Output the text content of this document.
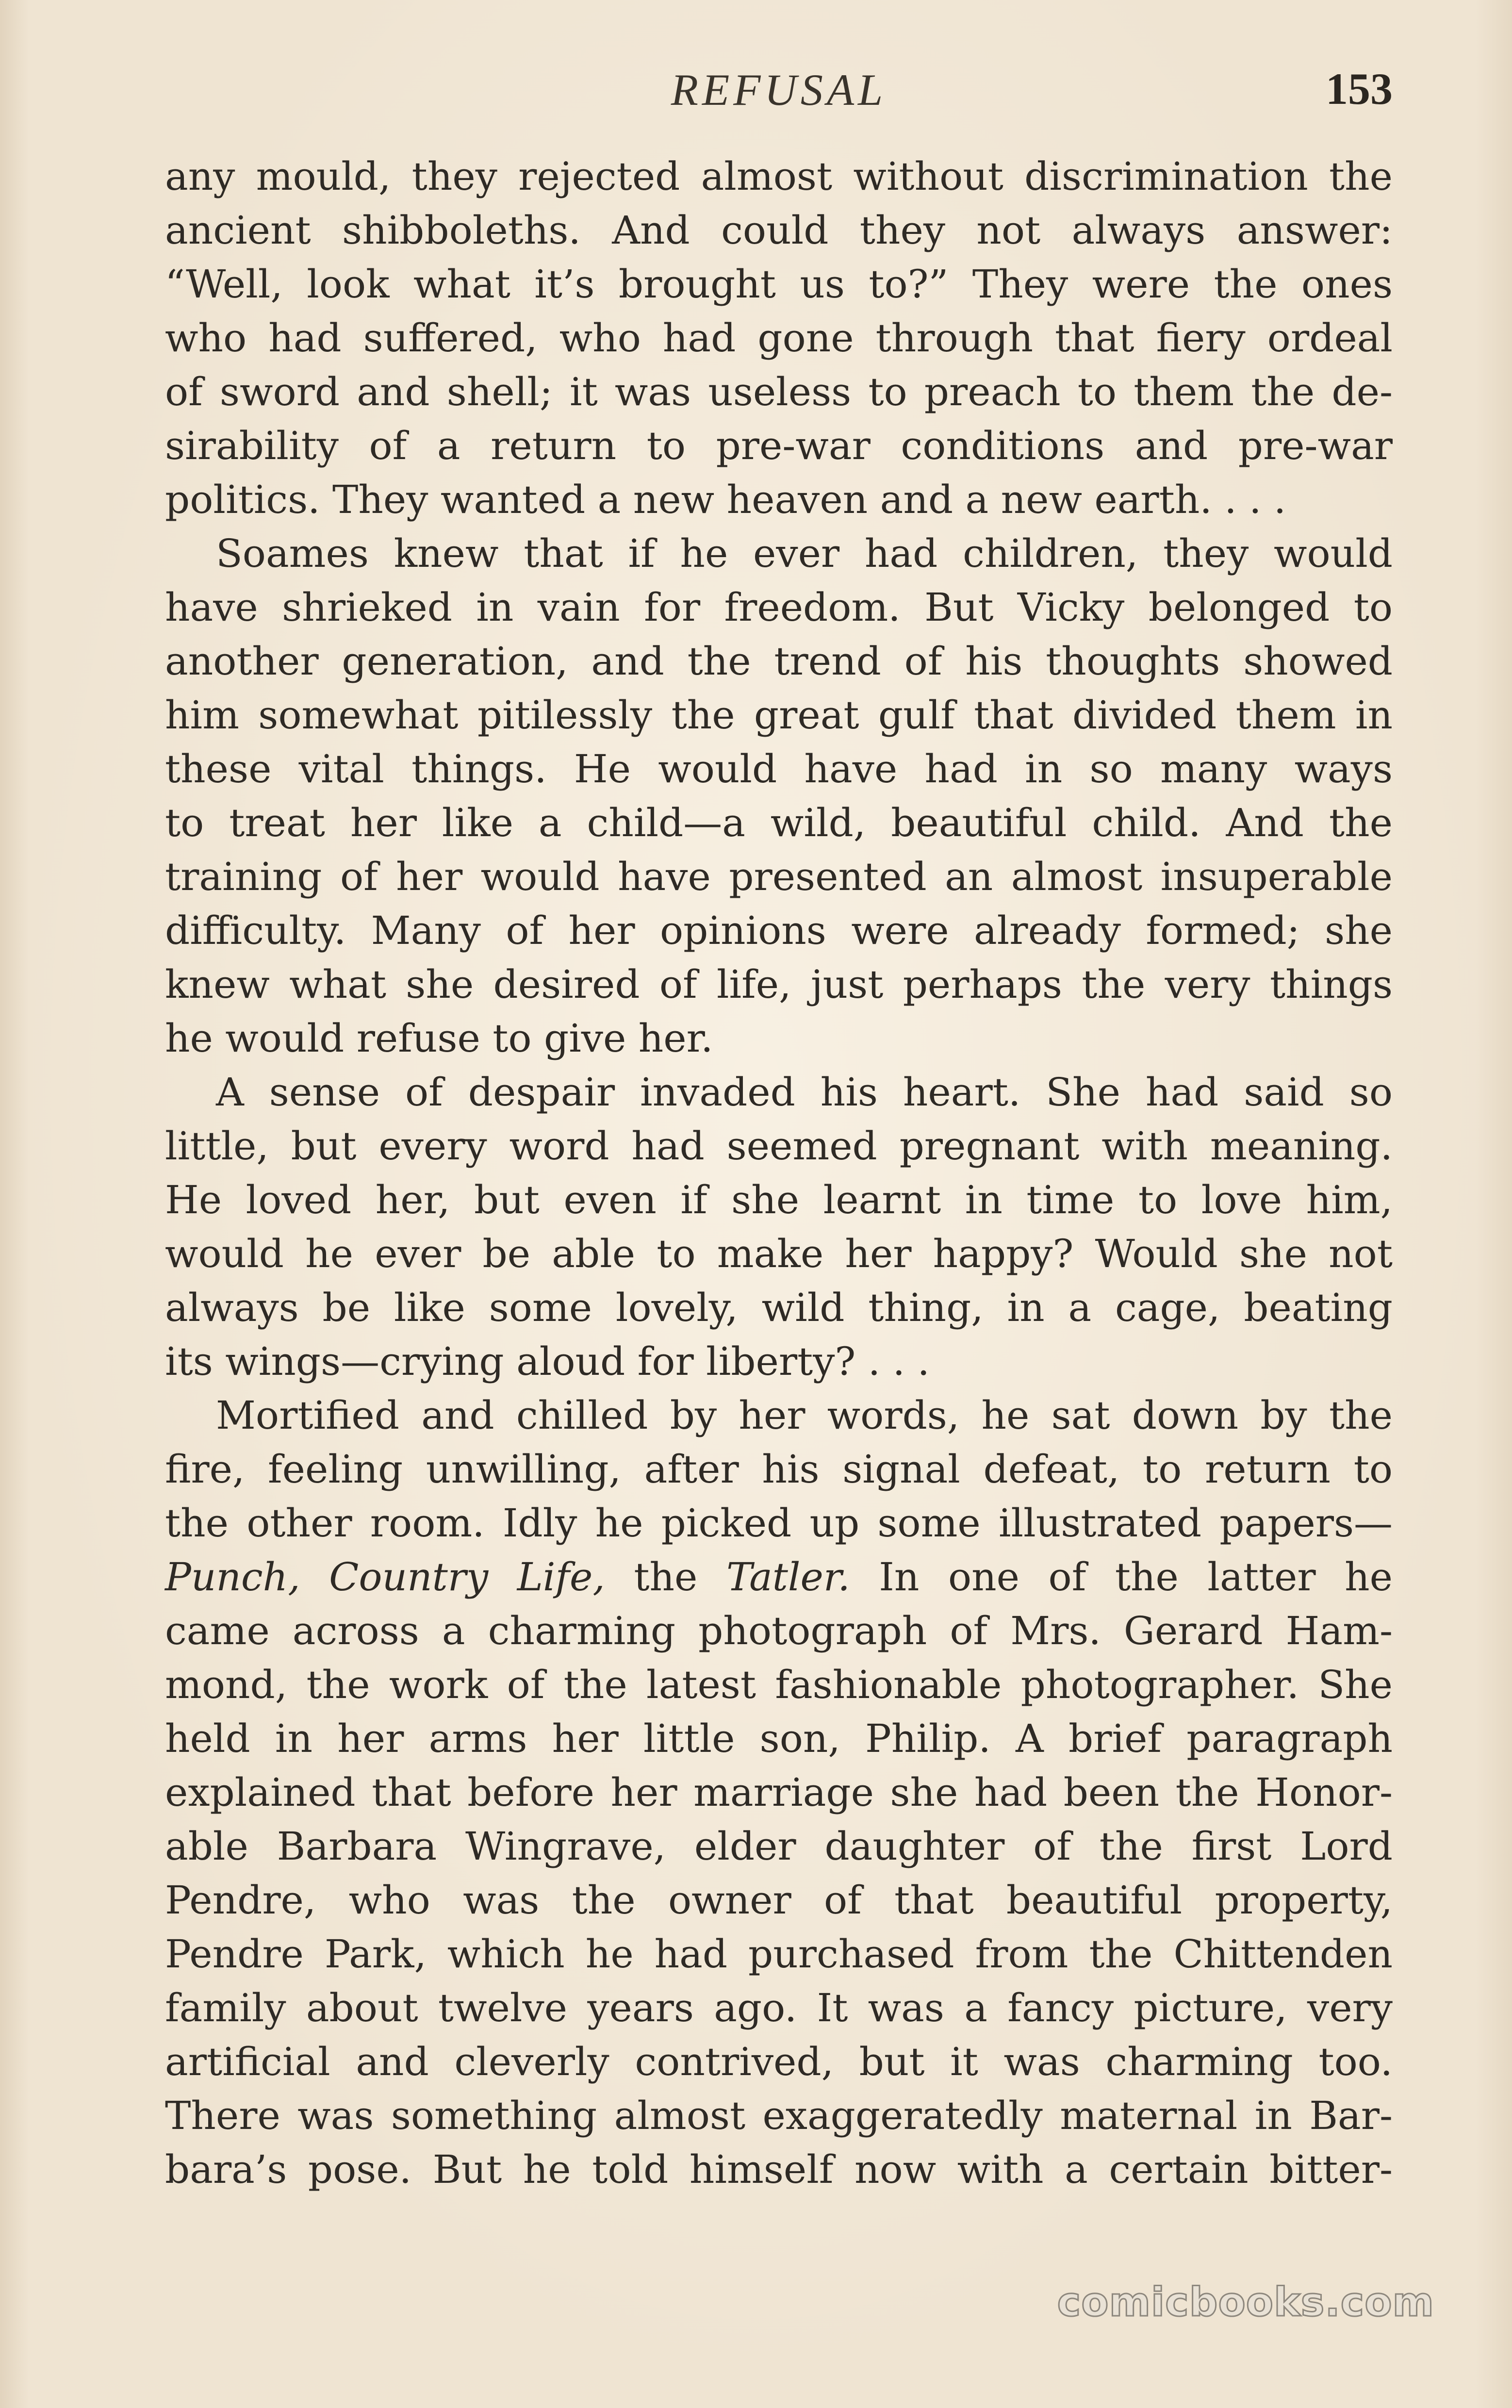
REFUSAL	153
any mould, they rejected almost without discrimination the
ancient shibboleths. And could they not always answer:
“Well, look what it’s brought us to?” They were the ones
who had suffered, who had gone through that fiery ordeal
of sword and shell; it was useless to preach to them the de-
sirability of a return to pre-war conditions and pre-war
politics. They wanted a new heaven and a new earth. . . .
Soames knew that if he ever had children, they would
have shrieked in vain for freedom. But Vicky belonged to
another generation, and the trend of his thoughts showed
him somewhat pitilessly the great gulf that divided them in
these vital things. He would have had in so many ways
to treat her like a child—a wild, beautiful child. And the
training of her would have presented an almost insuperable
difficulty. Many of her opinions were already formed; she
knew what she desired of life, just perhaps the very things
he would refuse to give her.
A sense of despair invaded his heart. She had said so
little, but every word had seemed pregnant with meaning.
He loved her, but even if she learnt in time to love him,
would he ever be able to make her happy? Would she not
always be like some lovely, wild thing, in a cage, beating
its wings—crying aloud for liberty? . . .
Mortified and chilled by her words, he sat down by the
fire, feeling unwilling, after his signal defeat, to return to
the other room. Idly he picked up some illustrated papers—
Punch, Country Life, the Tatler. In one of the latter he
came across a charming photograph of Mrs. Gerard Ham-
mond, the work of the latest fashionable photographer. She
held in her arms her little son, Philip. A brief paragraph
explained that before her marriage she had been the Honor-
able Barbara Wingrave, elder daughter of the first Lord
Pendre, who was the owner of that beautiful property,
Pendre Park, which he had purchased from the Chittenden
family about twelve years ago. It was a fancy picture, very
artificial and cleverly contrived, but it was charming too.
There was something almost exaggeratedly maternal in Bar-
bara’s pose. But he told himself now with a certain bitter-
comicbooks.com
